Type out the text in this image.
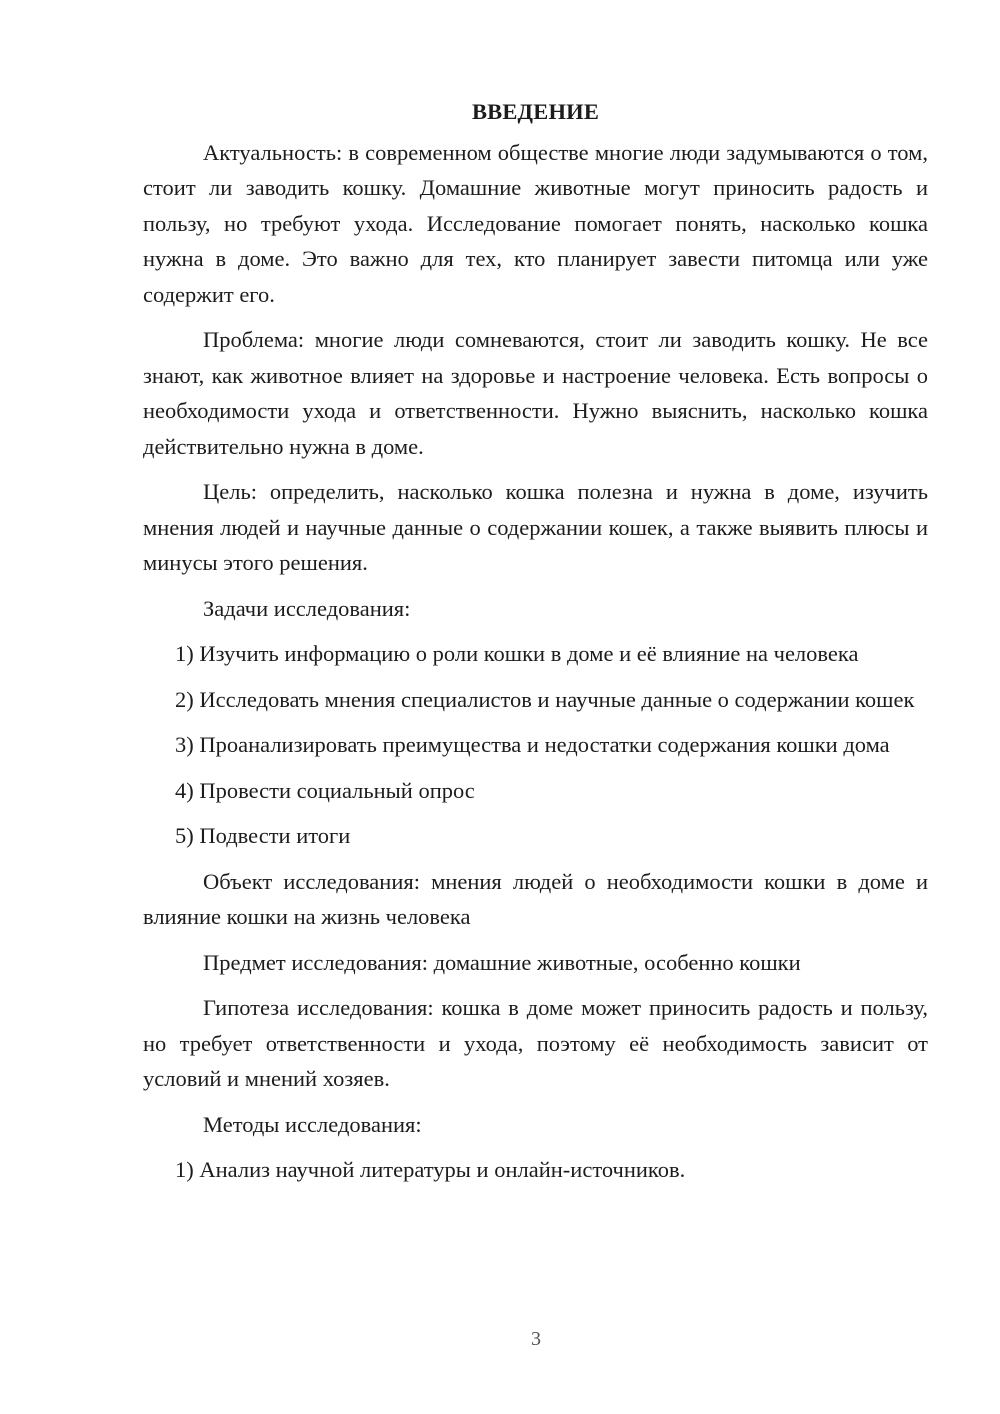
ВВЕДЕНИЕ

Актуальность: в современном обществе многие люди задумываются о том, стоит ли заводить кошку. Домашние животные могут приносить радость и пользу, но требуют ухода. Исследование помогает понять, насколько кошка нужна в доме. Это важно для тех, кто планирует завести питомца или уже содержит его.

Проблема: многие люди сомневаются, стоит ли заводить кошку. Не все знают, как животное влияет на здоровье и настроение человека. Есть вопросы о необходимости ухода и ответственности. Нужно выяснить, насколько кошка действительно нужна в доме.

Цель: определить, насколько кошка полезна и нужна в доме, изучить мнения людей и научные данные о содержании кошек, а также выявить плюсы и минусы этого решения.

Задачи исследования:

1) Изучить информацию о роли кошки в доме и её влияние на человека

2) Исследовать мнения специалистов и научные данные о содержании кошек

3) Проанализировать преимущества и недостатки содержания кошки дома

4) Провести социальный опрос

5) Подвести итоги

Объект исследования: мнения людей о необходимости кошки в доме и влияние кошки на жизнь человека

Предмет исследования: домашние животные, особенно кошки

Гипотеза исследования: кошка в доме может приносить радость и пользу, но требует ответственности и ухода, поэтому её необходимость зависит от условий и мнений хозяев.

Методы исследования:

1) Анализ научной литературы и онлайн-источников.

3
